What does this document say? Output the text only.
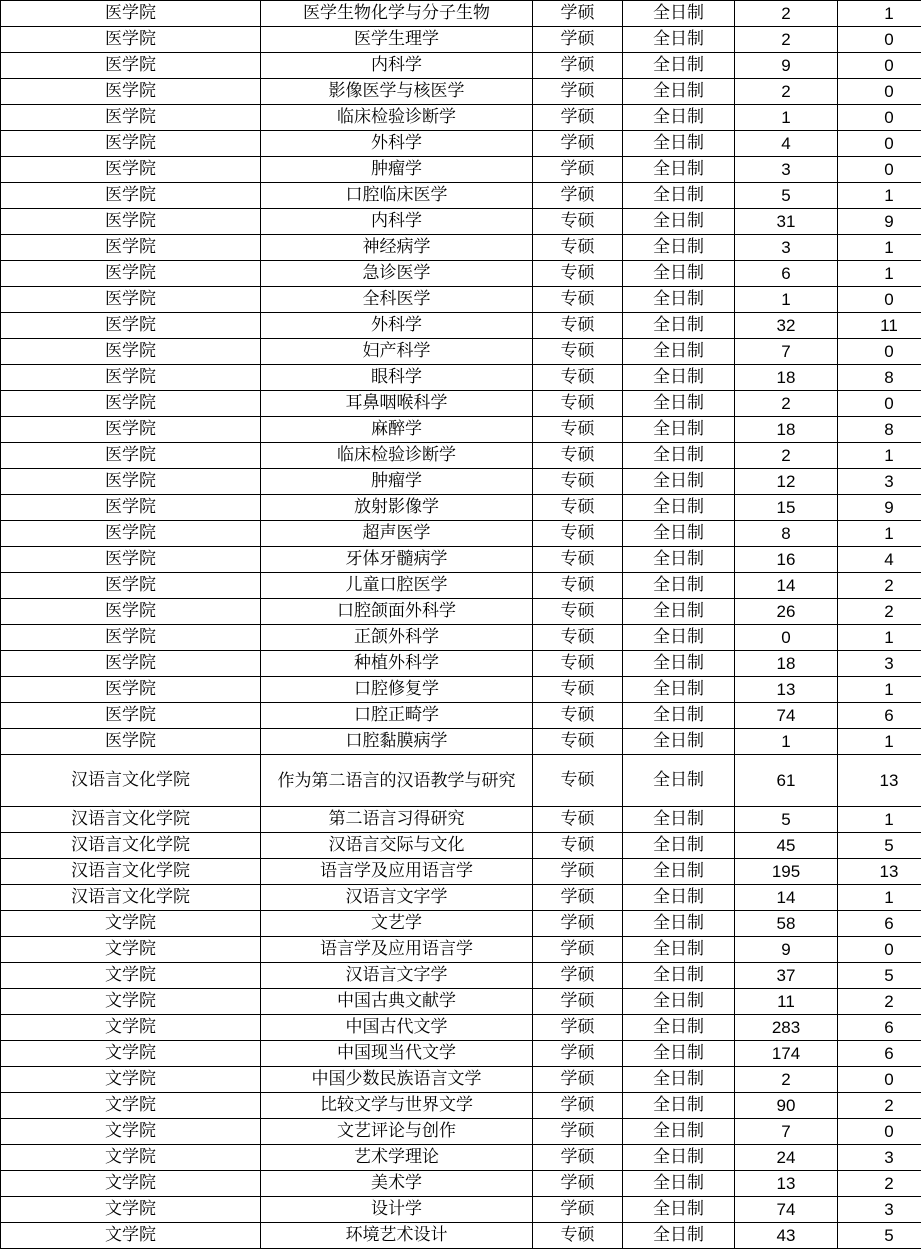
医学院	医学生物化学与分子生物	学硕	全日制	2	1
医学院	医学生理学	学硕	全日制	2	0
医学院	内科学	学硕	全日制	9	0
医学院	影像医学与核医学	学硕	全日制	2	0
医学院	临床检验诊断学	学硕	全日制	1	0
医学院	外科学	学硕	全日制	4	0
医学院	肿瘤学	学硕	全日制	3	0
医学院	口腔临床医学	学硕	全日制	5	1
医学院	内科学	专硕	全日制	31	9
医学院	神经病学	专硕	全日制	3	1
医学院	急诊医学	专硕	全日制	6	1
医学院	全科医学	专硕	全日制	1	0
医学院	外科学	专硕	全日制	32	11
医学院	妇产科学	专硕	全日制	7	0
医学院	眼科学	专硕	全日制	18	8
医学院	耳鼻咽喉科学	专硕	全日制	2	0
医学院	麻醉学	专硕	全日制	18	8
医学院	临床检验诊断学	专硕	全日制	2	1
医学院	肿瘤学	专硕	全日制	12	3
医学院	放射影像学	专硕	全日制	15	9
医学院	超声医学	专硕	全日制	8	1
医学院	牙体牙髓病学	专硕	全日制	16	4
医学院	儿童口腔医学	专硕	全日制	14	2
医学院	口腔颌面外科学	专硕	全日制	26	2
医学院	正颌外科学	专硕	全日制	0	1
医学院	种植外科学	专硕	全日制	18	3
医学院	口腔修复学	专硕	全日制	13	1
医学院	口腔正畸学	专硕	全日制	74	6
医学院	口腔黏膜病学	专硕	全日制	1	1
汉语言文化学院	作为第二语言的汉语教学与研究	专硕	全日制	61	13
汉语言文化学院	第二语言习得研究	专硕	全日制	5	1
汉语言文化学院	汉语言交际与文化	专硕	全日制	45	5
汉语言文化学院	语言学及应用语言学	学硕	全日制	195	13
汉语言文化学院	汉语言文字学	学硕	全日制	14	1
文学院	文艺学	学硕	全日制	58	6
文学院	语言学及应用语言学	学硕	全日制	9	0
文学院	汉语言文字学	学硕	全日制	37	5
文学院	中国古典文献学	学硕	全日制	11	2
文学院	中国古代文学	学硕	全日制	283	6
文学院	中国现当代文学	学硕	全日制	174	6
文学院	中国少数民族语言文学	学硕	全日制	2	0
文学院	比较文学与世界文学	学硕	全日制	90	2
文学院	文艺评论与创作	学硕	全日制	7	0
文学院	艺术学理论	学硕	全日制	24	3
文学院	美术学	学硕	全日制	13	2
文学院	设计学	学硕	全日制	74	3
文学院	环境艺术设计	专硕	全日制	43	5
